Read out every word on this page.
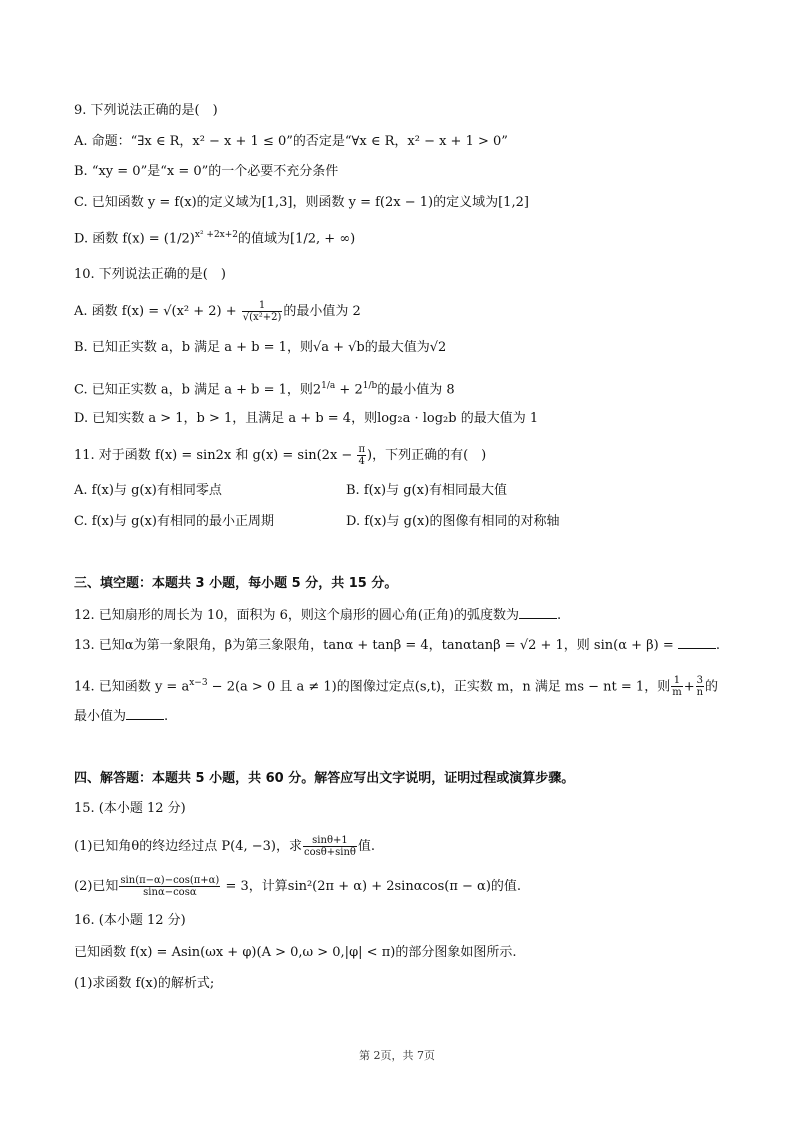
9. 下列说法正确的是( )
A. 命题：“∃x ∈ R，x² − x + 1 ≤ 0”的否定是“∀x ∈ R，x² − x + 1 > 0”
B. “xy = 0”是“x = 0”的一个必要不充分条件
C. 已知函数 y = f(x)的定义域为[1,3]，则函数 y = f(2x − 1)的定义域为[1,2]
D. 函数 $f(x) = (1/2)^{x^2 +2x+2}$的值域为[1/2, + ∞)
10. 下列说法正确的是( )
A. 函数 $f(x) = √(x^2 + 2) + \frac{1}{\text{√(x²+2)}}$ 的最小值为 2
B. 已知正实数 a，b 满足 a + b = 1，则√a + √b的最大值为√2
C. 已知正实数 a，b 满足 a + b = 1，则$2^{1/a} + 2^{1/b}$的最小值为 8
D. 已知实数 a > 1，b > 1，且满足 a + b = 4，则log₂a · log₂b 的最大值为 1
11. 对于函数 f(x) = sin2x 和 $g(x) = \sin(2x - \frac{\pi}{4}$ )，下列正确的有( )
A. f(x)与 g(x)有相同零点	B. f(x)与 g(x)有相同最大值
C. f(x)与 g(x)有相同的最小正周期	D. f(x)与 g(x)的图像有相同的对称轴
三、填空题：本题共 3 小题，每小题 5 分，共 15 分。
12. 已知扇形的周长为 10，面积为 6，则这个扇形的圆心角(正角)的弧度数为	.
13. 已知α为第一象限角，β为第三象限角，tanα + tanβ = 4，tanαtanβ = √2 + 1，则 sin(α + β) =	.
14. 已知函数 $y = a^{x-3} - 2(a > 0$ 且 a ≠ 1)的图像过定点(s,t)，正实数 m，n 满足 ms − nt = 1，则 $\frac{1}{m} + \frac{3}{n}$ 的
最小值为	.
四、解答题：本题共 5 小题，共 60 分。解答应写出文字说明，证明过程或演算步骤。
15. (本小题 12 分)
(1)已知角θ的终边经过点 P(4, −3)，求 $\frac{\sin\theta+1}{\cos\theta+\sin\theta}$ 值.
(2)已知 $\frac{\sin(\pi-\alpha)-\cos(\pi+\alpha)}{\sin\alpha-\cos\alpha} = 3$，计算sin²(2π + α) + 2sinαcos(π − α)的值.
16. (本小题 12 分)
已知函数 f(x) = Asin(ωx + φ)(A > 0,ω > 0,|φ| < π)的部分图象如图所示.
(1)求函数 f(x)的解析式;
第 2页，共 7页
